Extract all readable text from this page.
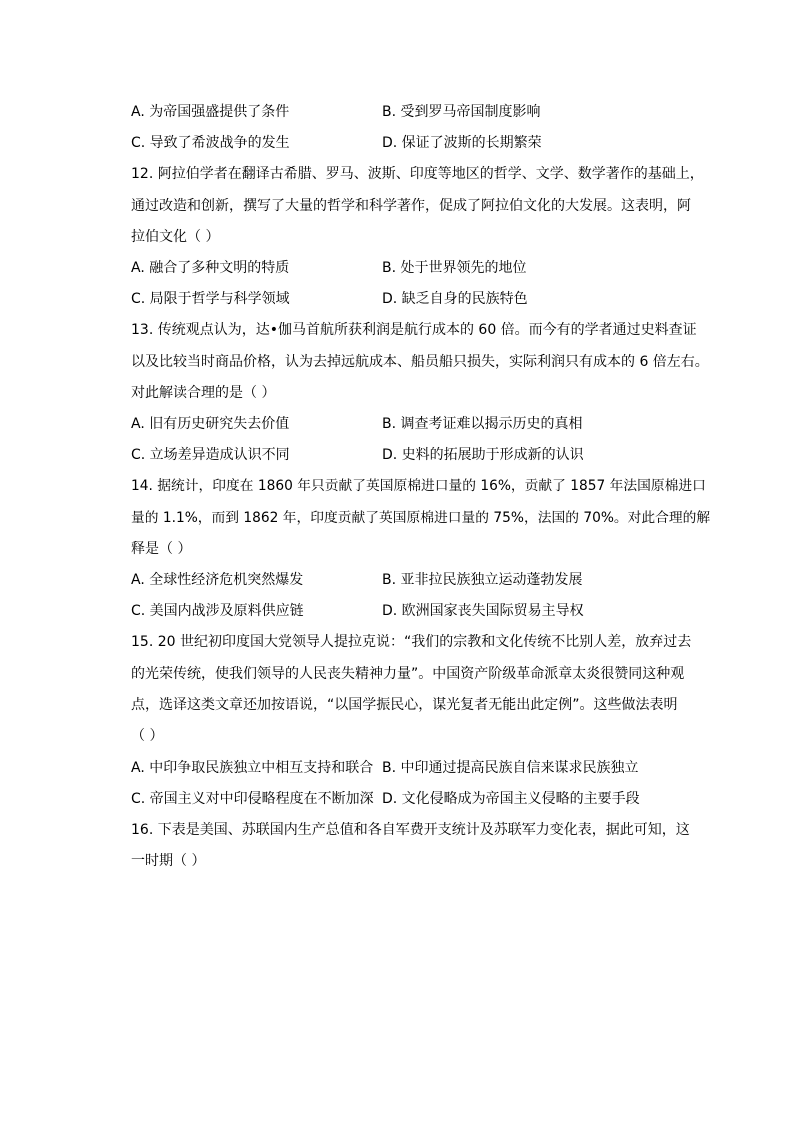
A. 为帝国强盛提供了条件	B. 受到罗马帝国制度影响
C. 导致了希波战争的发生	D. 保证了波斯的长期繁荣
12. 阿拉伯学者在翻译古希腊、罗马、波斯、印度等地区的哲学、文学、数学著作的基础上，
通过改造和创新，撰写了大量的哲学和科学著作，促成了阿拉伯文化的大发展。这表明，阿
拉伯文化（ ）
A. 融合了多种文明的特质	B. 处于世界领先的地位
C. 局限于哲学与科学领域	D. 缺乏自身的民族特色
13. 传统观点认为，达•伽马首航所获利润是航行成本的 60 倍。而今有的学者通过史料查证
以及比较当时商品价格，认为去掉远航成本、船员船只损失，实际利润只有成本的 6 倍左右。
对此解读合理的是（ ）
A. 旧有历史研究失去价值	B. 调查考证难以揭示历史的真相
C. 立场差异造成认识不同	D. 史料的拓展助于形成新的认识
14. 据统计，印度在 1860 年只贡献了英国原棉进口量的 16%，贡献了 1857 年法国原棉进口
量的 1.1%，而到 1862 年，印度贡献了英国原棉进口量的 75%，法国的 70%。对此合理的解
释是（ ）
A. 全球性经济危机突然爆发	B. 亚非拉民族独立运动蓬勃发展
C. 美国内战涉及原料供应链	D. 欧洲国家丧失国际贸易主导权
15. 20 世纪初印度国大党领导人提拉克说：“我们的宗教和文化传统不比别人差，放弃过去
的光荣传统，使我们领导的人民丧失精神力量”。中国资产阶级革命派章太炎很赞同这种观
点，选译这类文章还加按语说，“以国学振民心，谋光复者无能出此定例”。这些做法表明
（ ）
A. 中印争取民族独立中相互支持和联合 B. 中印通过提高民族自信来谋求民族独立
C. 帝国主义对中印侵略程度在不断加深 D. 文化侵略成为帝国主义侵略的主要手段
16. 下表是美国、苏联国内生产总值和各自军费开支统计及苏联军力变化表，据此可知，这
一时期（ ）
